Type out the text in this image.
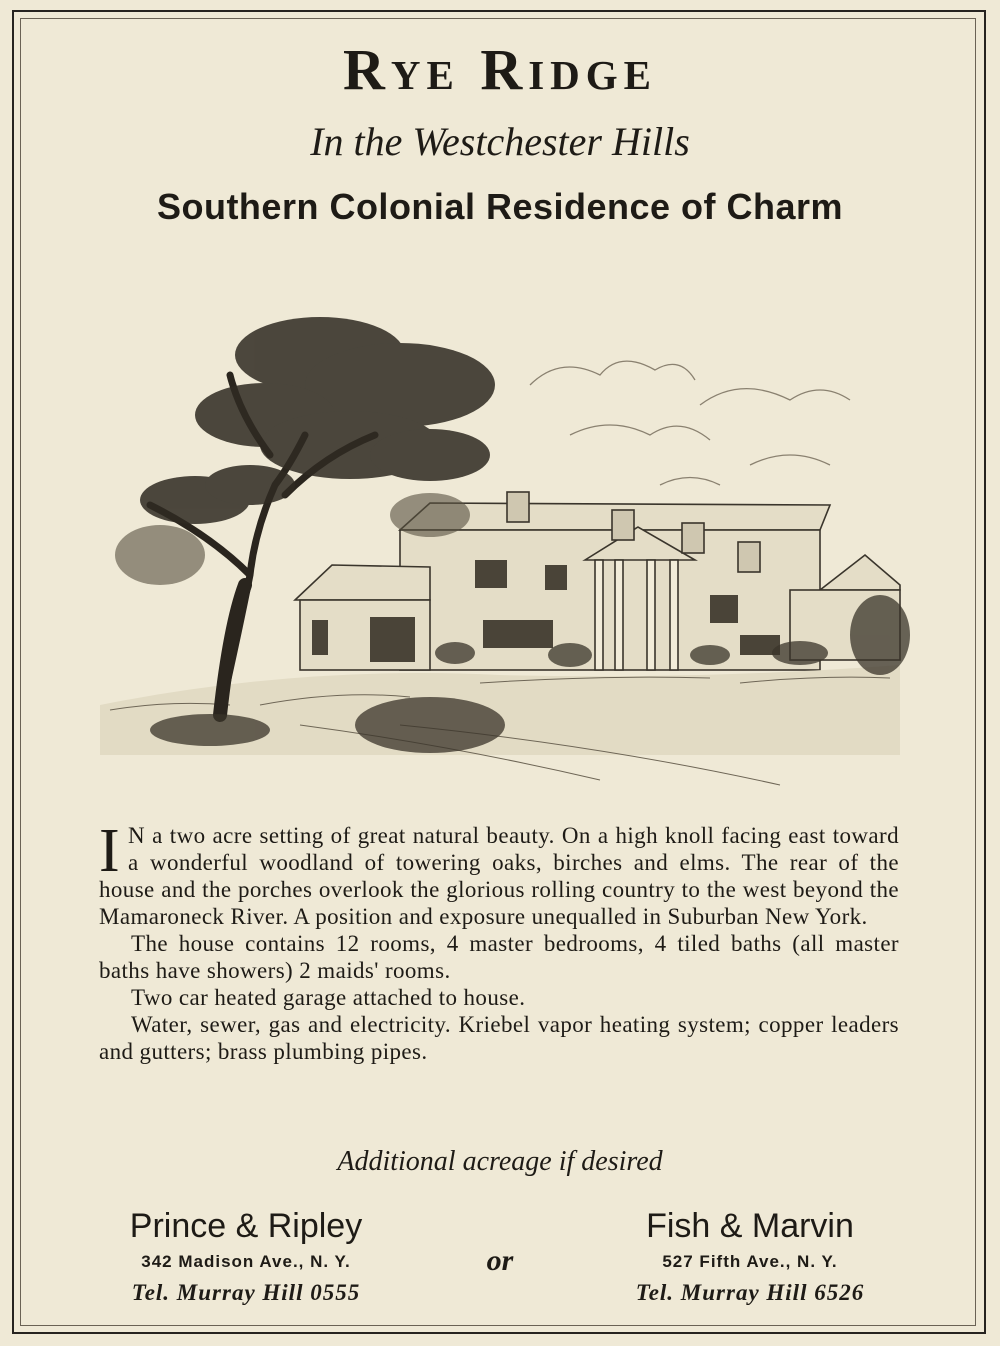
Rye Ridge
In the Westchester Hills
Southern Colonial Residence of Charm

I N a two acre setting of great natural beauty. On a high knoll facing east toward a wonderful woodland of towering oaks, birches and elms. The rear of the house and the porches overlook the glorious rolling country to the west beyond the Mamaroneck River. A position and exposure unequalled in Suburban New York.

The house contains 12 rooms, 4 master bedrooms, 4 tiled baths (all master baths have showers) 2 maids' rooms.

Two car heated garage attached to house.

Water, sewer, gas and electricity. Kriebel vapor heating system; copper leaders and gutters; brass plumbing pipes.

Additional acreage if desired
Prince & Ripley
342 Madison Ave., N. Y.
Tel. Murray Hill 0555
or
Fish & Marvin
527 Fifth Ave., N. Y.
Tel. Murray Hill 6526
